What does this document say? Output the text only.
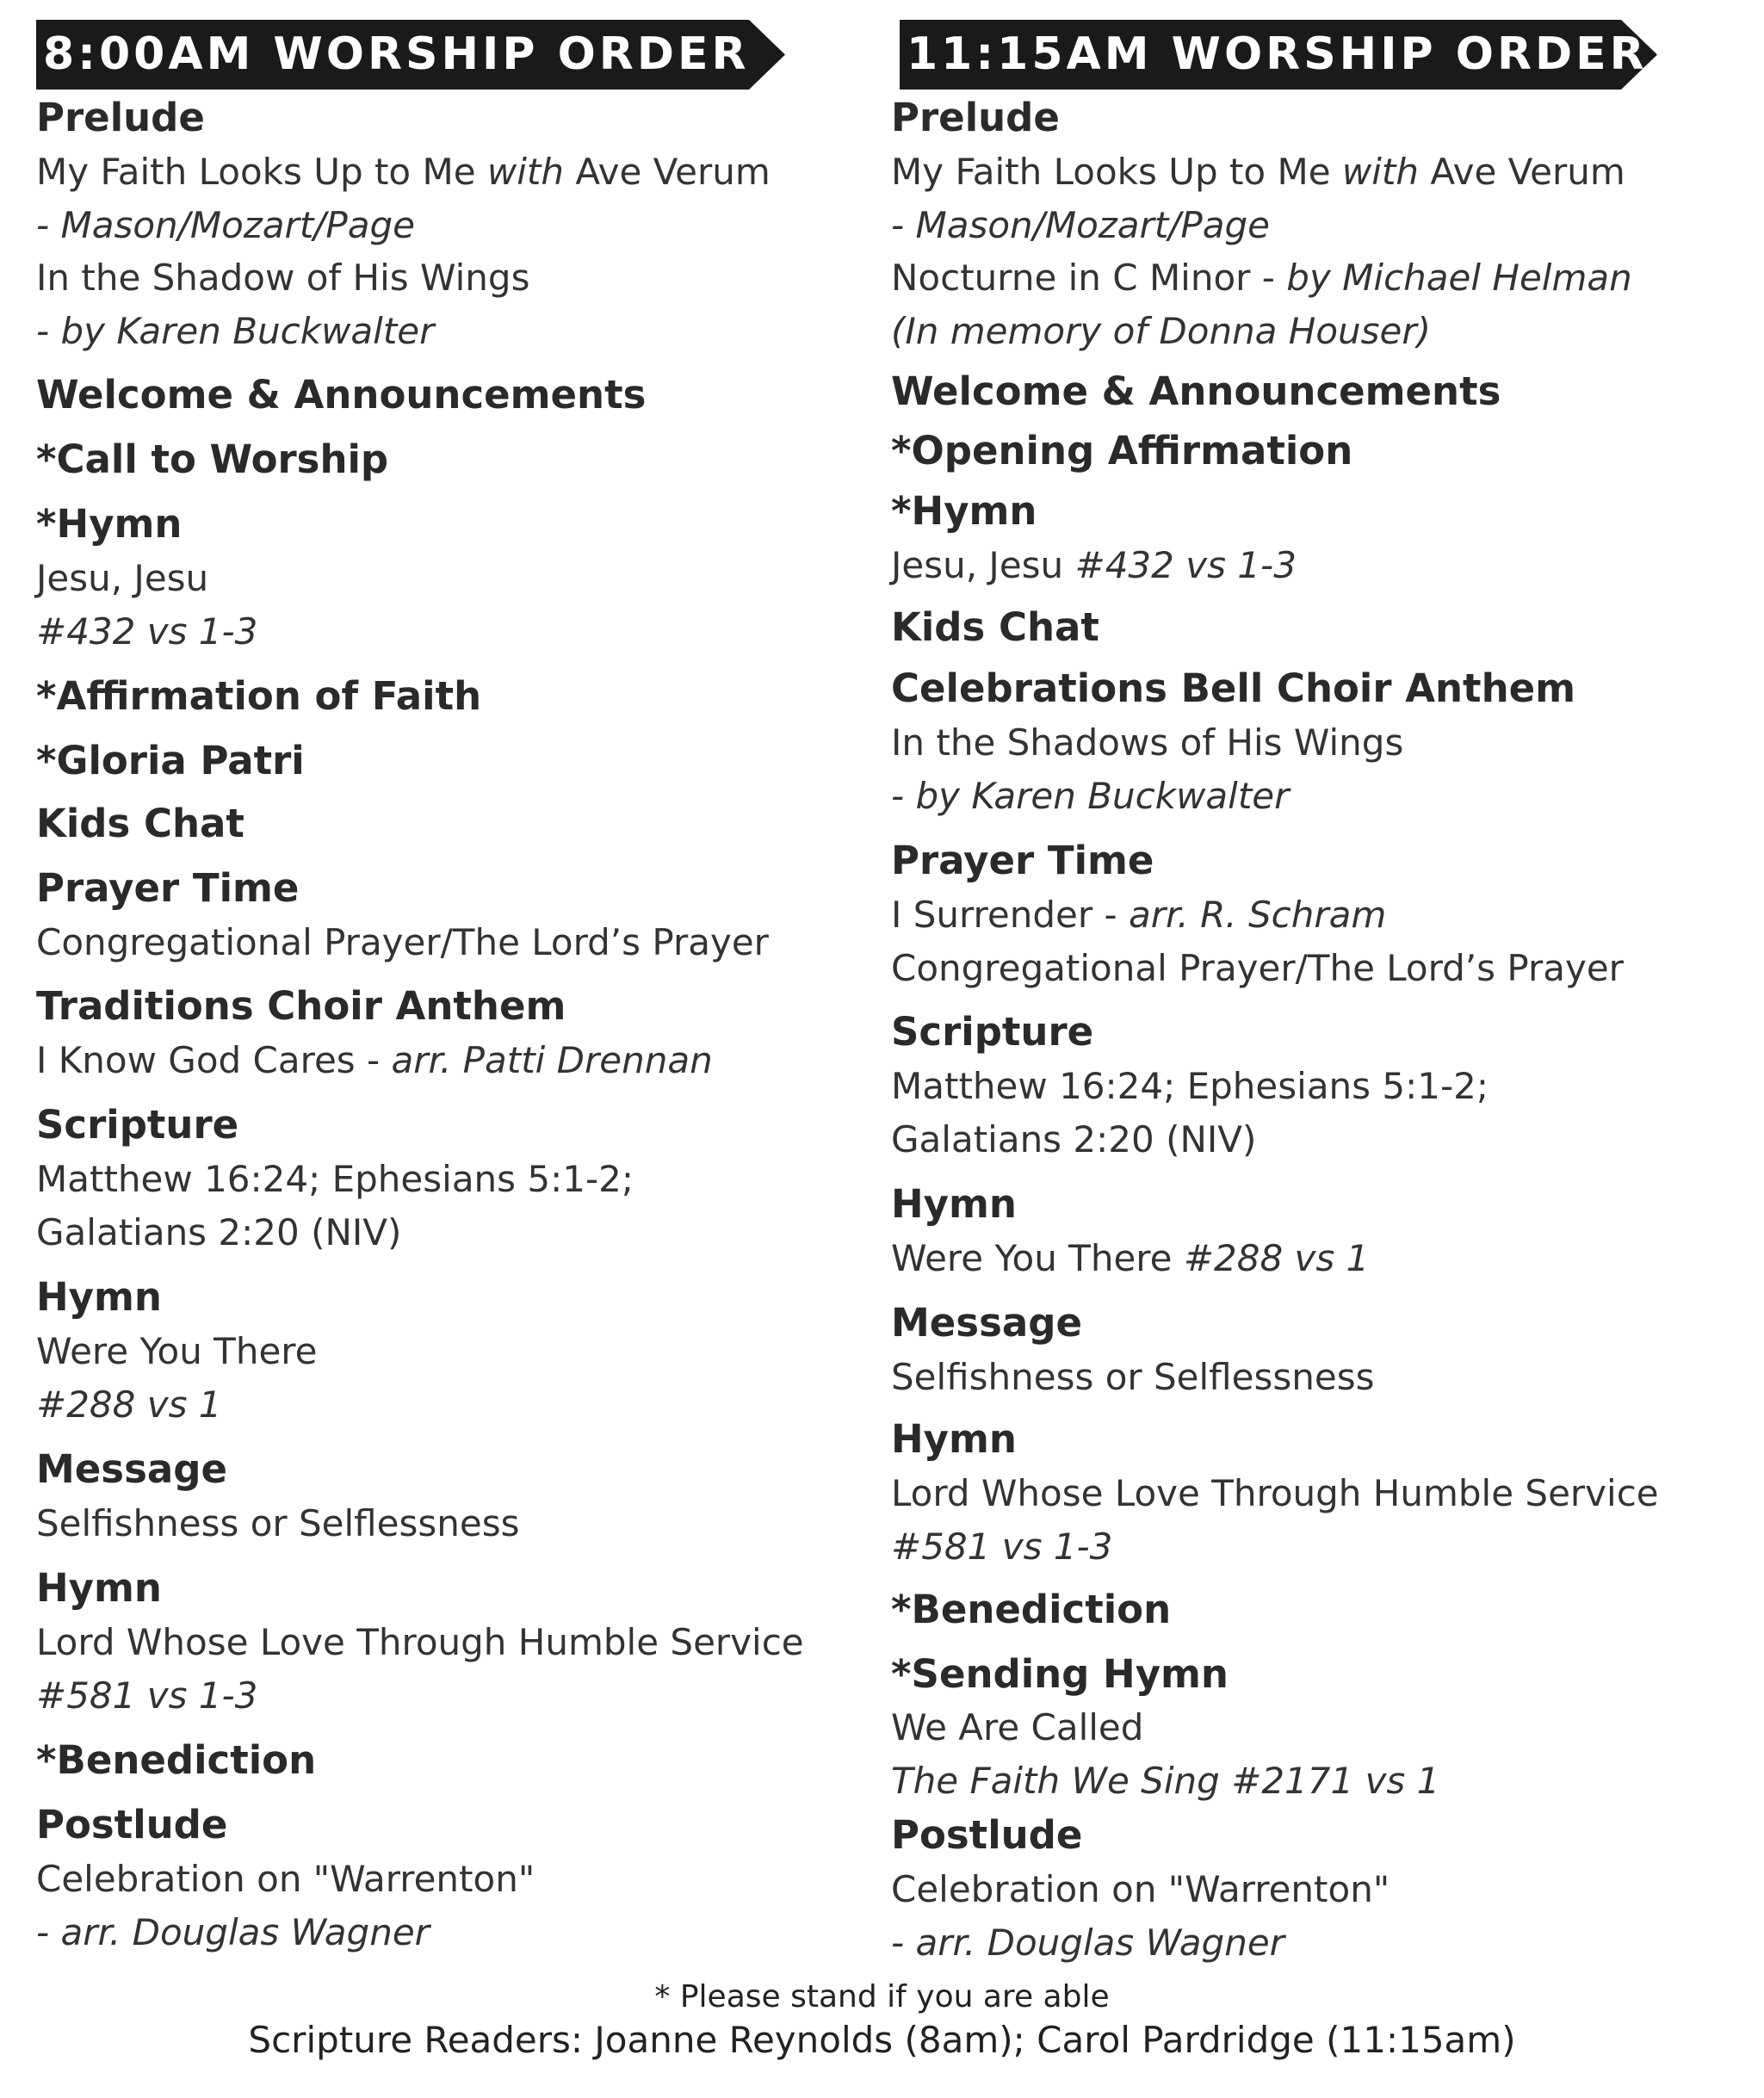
8:00AM WORSHIP ORDER
Prelude
My Faith Looks Up to Me with Ave Verum
- Mason/Mozart/Page
In the Shadow of His Wings
- by Karen Buckwalter
Welcome & Announcements
*Call to Worship
*Hymn
Jesu, Jesu
#432 vs 1-3
*Affirmation of Faith
*Gloria Patri
Kids Chat
Prayer Time
Congregational Prayer/The Lord’s Prayer
Traditions Choir Anthem
I Know God Cares - arr. Patti Drennan
Scripture
Matthew 16:24; Ephesians 5:1-2;
Galatians 2:20 (NIV)
Hymn
Were You There
#288 vs 1
Message
Selfishness or Selflessness
Hymn
Lord Whose Love Through Humble Service
#581 vs 1-3
*Benediction
Postlude
Celebration on "Warrenton"
- arr. Douglas Wagner
11:15AM WORSHIP ORDER
Prelude
My Faith Looks Up to Me with Ave Verum
- Mason/Mozart/Page
Nocturne in C Minor - by Michael Helman
(In memory of Donna Houser)
Welcome & Announcements
*Opening Affirmation
*Hymn
Jesu, Jesu #432 vs 1-3
Kids Chat
Celebrations Bell Choir Anthem
In the Shadows of His Wings
- by Karen Buckwalter
Prayer Time
I Surrender - arr. R. Schram
Congregational Prayer/The Lord’s Prayer
Scripture
Matthew 16:24; Ephesians 5:1-2;
Galatians 2:20 (NIV)
Hymn
Were You There #288 vs 1
Message
Selfishness or Selflessness
Hymn
Lord Whose Love Through Humble Service
#581 vs 1-3
*Benediction
*Sending Hymn
We Are Called
The Faith We Sing #2171 vs 1
Postlude
Celebration on "Warrenton"
- arr. Douglas Wagner
* Please stand if you are able
Scripture Readers: Joanne Reynolds (8am); Carol Pardridge (11:15am)
